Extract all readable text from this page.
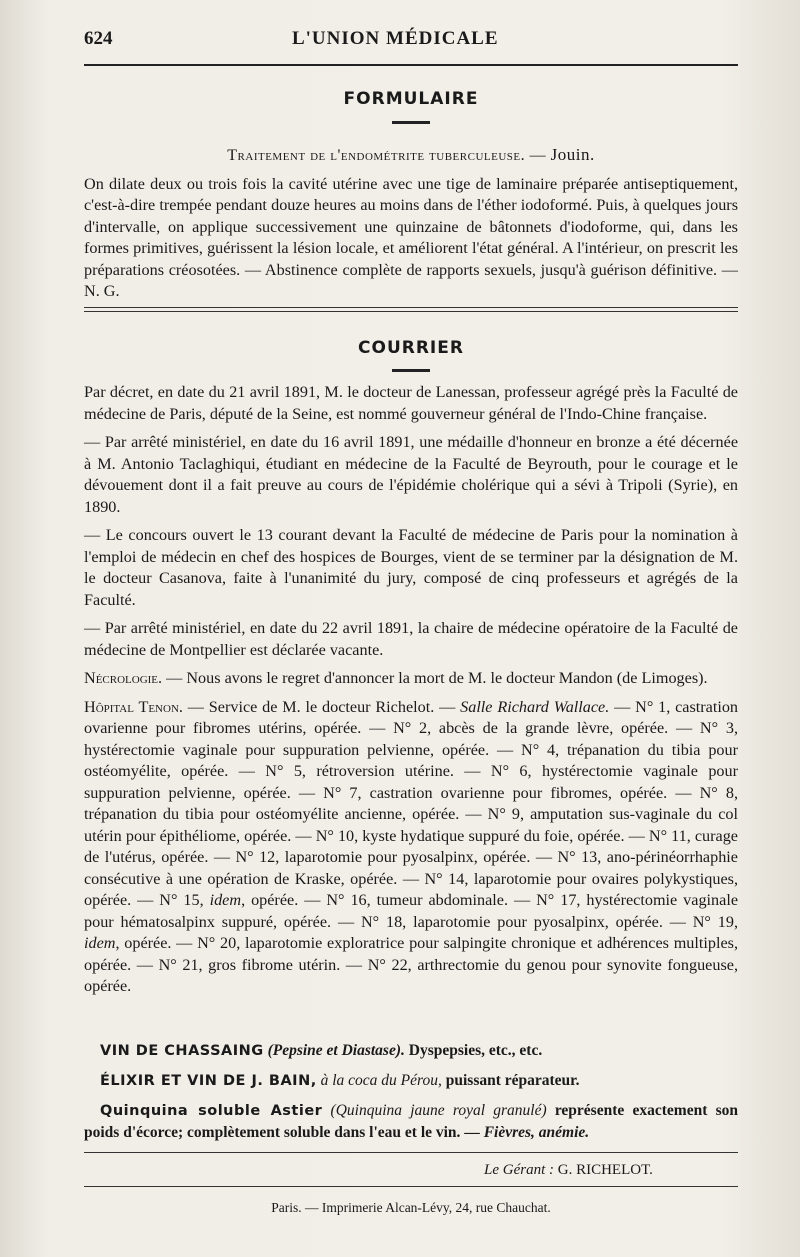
624	L'UNION MÉDICALE
FORMULAIRE

Traitement de l'endométrite tuberculeuse. — Jouin.

On dilate deux ou trois fois la cavité utérine avec une tige de laminaire préparée antiseptiquement, c'est-à-dire trempée pendant douze heures au moins dans de l'éther iodoformé. Puis, à quelques jours d'intervalle, on applique successivement une quinzaine de bâtonnets d'iodoforme, qui, dans les formes primitives, guérissent la lésion locale, et améliorent l'état général. A l'intérieur, on prescrit les préparations créosotées. — Abstinence complète de rapports sexuels, jusqu'à guérison définitive. — N. G.

COURRIER

Par décret, en date du 21 avril 1891, M. le docteur de Lanessan, professeur agrégé près la Faculté de médecine de Paris, député de la Seine, est nommé gouverneur général de l'Indo-Chine française.

— Par arrêté ministériel, en date du 16 avril 1891, une médaille d'honneur en bronze a été décernée à M. Antonio Taclaghiqui, étudiant en médecine de la Faculté de Beyrouth, pour le courage et le dévouement dont il a fait preuve au cours de l'épidémie cholérique qui a sévi à Tripoli (Syrie), en 1890.

— Le concours ouvert le 13 courant devant la Faculté de médecine de Paris pour la nomination à l'emploi de médecin en chef des hospices de Bourges, vient de se terminer par la désignation de M. le docteur Casanova, faite à l'unanimité du jury, composé de cinq professeurs et agrégés de la Faculté.

— Par arrêté ministériel, en date du 22 avril 1891, la chaire de médecine opératoire de la Faculté de médecine de Montpellier est déclarée vacante.

Nécrologie. — Nous avons le regret d'annoncer la mort de M. le docteur Mandon (de Limoges).

Hôpital Tenon. — Service de M. le docteur Richelot. — Salle Richard Wallace. — N° 1, castration ovarienne pour fibromes utérins, opérée. — N° 2, abcès de la grande lèvre, opérée. — N° 3, hystérectomie vaginale pour suppuration pelvienne, opérée. — N° 4, trépanation du tibia pour ostéomyélite, opérée. — N° 5, rétroversion utérine. — N° 6, hystérectomie vaginale pour suppuration pelvienne, opérée. — N° 7, castration ovarienne pour fibromes, opérée. — N° 8, trépanation du tibia pour ostéomyélite ancienne, opérée. — N° 9, amputation sus-vaginale du col utérin pour épithéliome, opérée. — N° 10, kyste hydatique suppuré du foie, opérée. — N° 11, curage de l'utérus, opérée. — N° 12, laparotomie pour pyosalpinx, opérée. — N° 13, ano-périnéorrhaphie consécutive à une opération de Kraske, opérée. — N° 14, laparotomie pour ovaires polykystiques, opérée. — N° 15, idem, opérée. — N° 16, tumeur abdominale. — N° 17, hystérectomie vaginale pour hématosalpinx suppuré, opérée. — N° 18, laparotomie pour pyosalpinx, opérée. — N° 19, idem, opérée. — N° 20, laparotomie exploratrice pour salpingite chronique et adhérences multiples, opérée. — N° 21, gros fibrome utérin. — N° 22, arthrectomie du genou pour synovite fongueuse, opérée.

VIN DE CHASSAING (Pepsine et Diastase). Dyspepsies, etc., etc.
ÉLIXIR ET VIN DE J. BAIN, à la coca du Pérou, puissant réparateur.
Quinquina soluble Astier (Quinquina jaune royal granulé) représente exactement son poids d'écorce; complètement soluble dans l'eau et le vin. — Fièvres, anémie.
Le Gérant : G. RICHELOT.
Paris. — Imprimerie Alcan-Lévy, 24, rue Chauchat.
